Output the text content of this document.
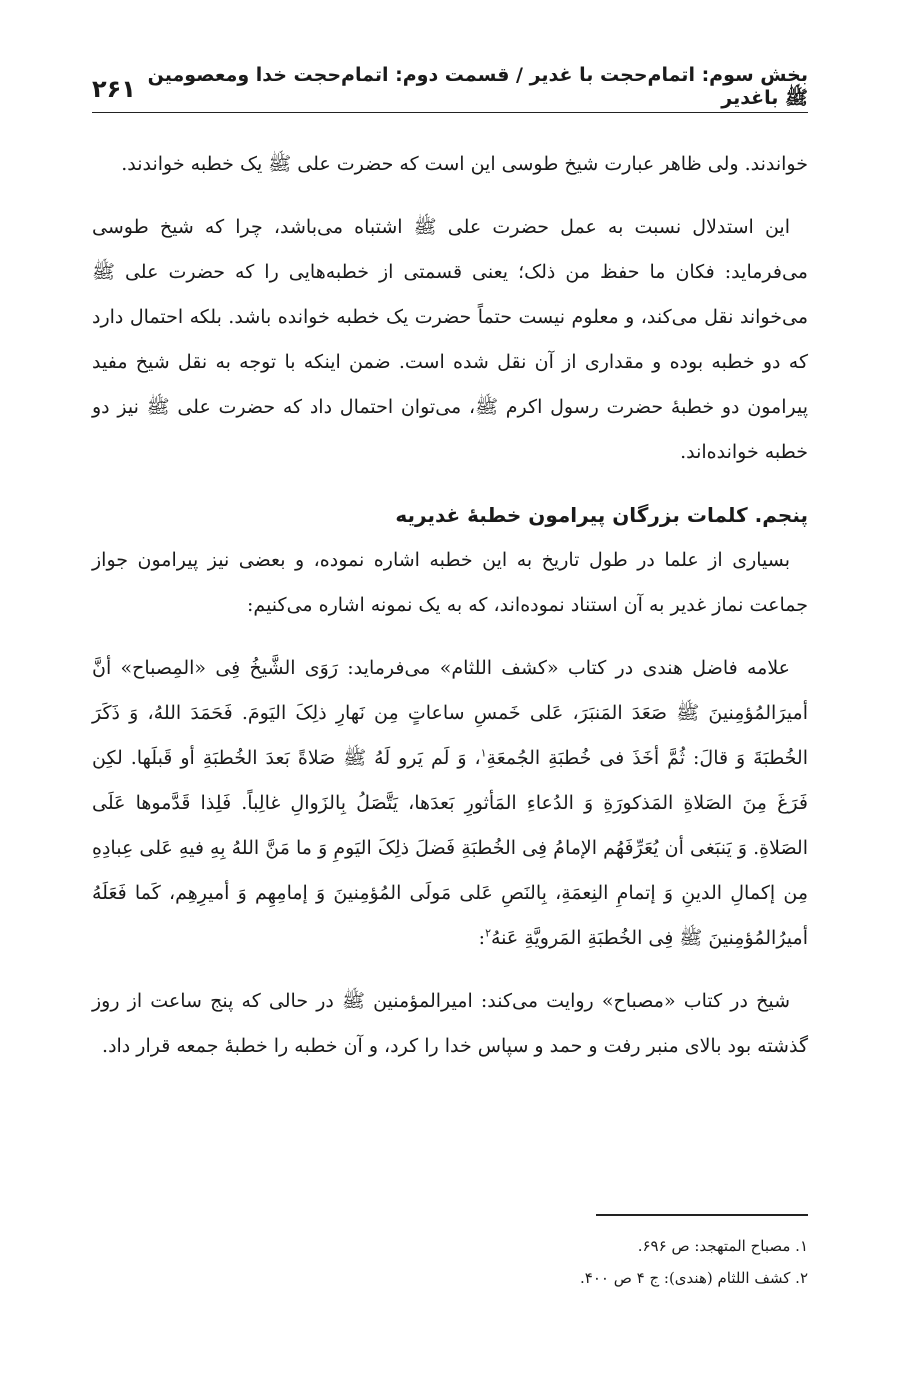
بخش سوم: اتمام‌حجت با غدیر / قسمت دوم: اتمام‌حجت خدا ومعصومین ﷺ باغدیر
۲۶۱

خواندند. ولی ظاهر عبارت شیخ طوسی این است که حضرت علی ﷺ یک خطبه خواندند.

این استدلال نسبت به عمل حضرت علی ﷺ اشتباه می‌باشد، چرا که شیخ طوسی می‌فرماید: فکان ما حفظ من ذلک؛ یعنی قسمتی از خطبه‌هایی را که حضرت علی ﷺ می‌خواند نقل می‌کند، و معلوم نیست حتماً حضرت یک خطبه خوانده باشد. بلکه احتمال دارد که دو خطبه بوده و مقداری از آن نقل شده است. ضمن اینکه با توجه به نقل شیخ مفید پیرامون دو خطبهٔ حضرت رسول اکرم ﷺ، می‌توان احتمال داد که حضرت علی ﷺ نیز دو خطبه خوانده‌اند.

پنجم. کلمات بزرگان پیرامون خطبهٔ غدیریه

بسیاری از علما در طول تاریخ به این خطبه اشاره نموده، و بعضی نیز پیرامون جواز جماعت نماز غدیر به آن استناد نموده‌اند، که به یک نمونه اشاره می‌کنیم:

علامه فاضل هندی در کتاب «کشف اللثام» می‌فرماید: رَوَی الشَّیخُ فِی «المِصباح» أنَّ أمیرَالمُؤمِنینَ ﷺ صَعَدَ المَنبَرَ، عَلی خَمسِ ساعاتٍ مِن نَهارِ ذلِکَ الیَومَ. فَحَمَدَ اللهُ، وَ ذَکَرَ الخُطبَةَ وَ قالَ: ثُمَّ أخَذَ فی خُطبَةِ الجُمعَةِ$^۱$، وَ لَم یَرو لَهُ ﷺ صَلاةً بَعدَ الخُطبَةِ أو قَبلَها. لکِن فَرَغَ مِنَ الصَلاةِ المَذکورَةِ وَ الدُعاءِ المَأثورِ بَعدَها، یَتَّصَلُ بِالزَوالِ غالِباً. فَلِذا قَدَّموها عَلَی الصَلاةِ. وَ یَنبَغی أن یُعَرِّفَهُم الإمامُ فِی الخُطبَةِ فَضلَ ذلِکَ الیَومِ وَ ما مَنَّ اللهُ بِهِ فیهِ عَلی عِبادِهِ مِن إکمالِ الدینِ وَ إتمامِ النِعمَةِ، بِالنَصِ عَلی مَولَی المُؤمِنینَ وَ إمامِهِم وَ أمیرِهِم، کَما فَعَلَهُ أمیرُالمُؤمِنینَ ﷺ فِی الخُطبَةِ المَرویَّةِ عَنهُ$^۲$:

شیخ در کتاب «مصباح» روایت می‌کند: امیرالمؤمنین ﷺ در حالی که پنج ساعت از روز گذشته بود بالای منبر رفت و حمد و سپاس خدا را کرد، و آن خطبه را خطبهٔ جمعه قرار داد.

۱. مصباح المتهجد: ص ۶۹۶.
۲. کشف اللثام (هندی): ج ۴ ص ۴۰۰.
